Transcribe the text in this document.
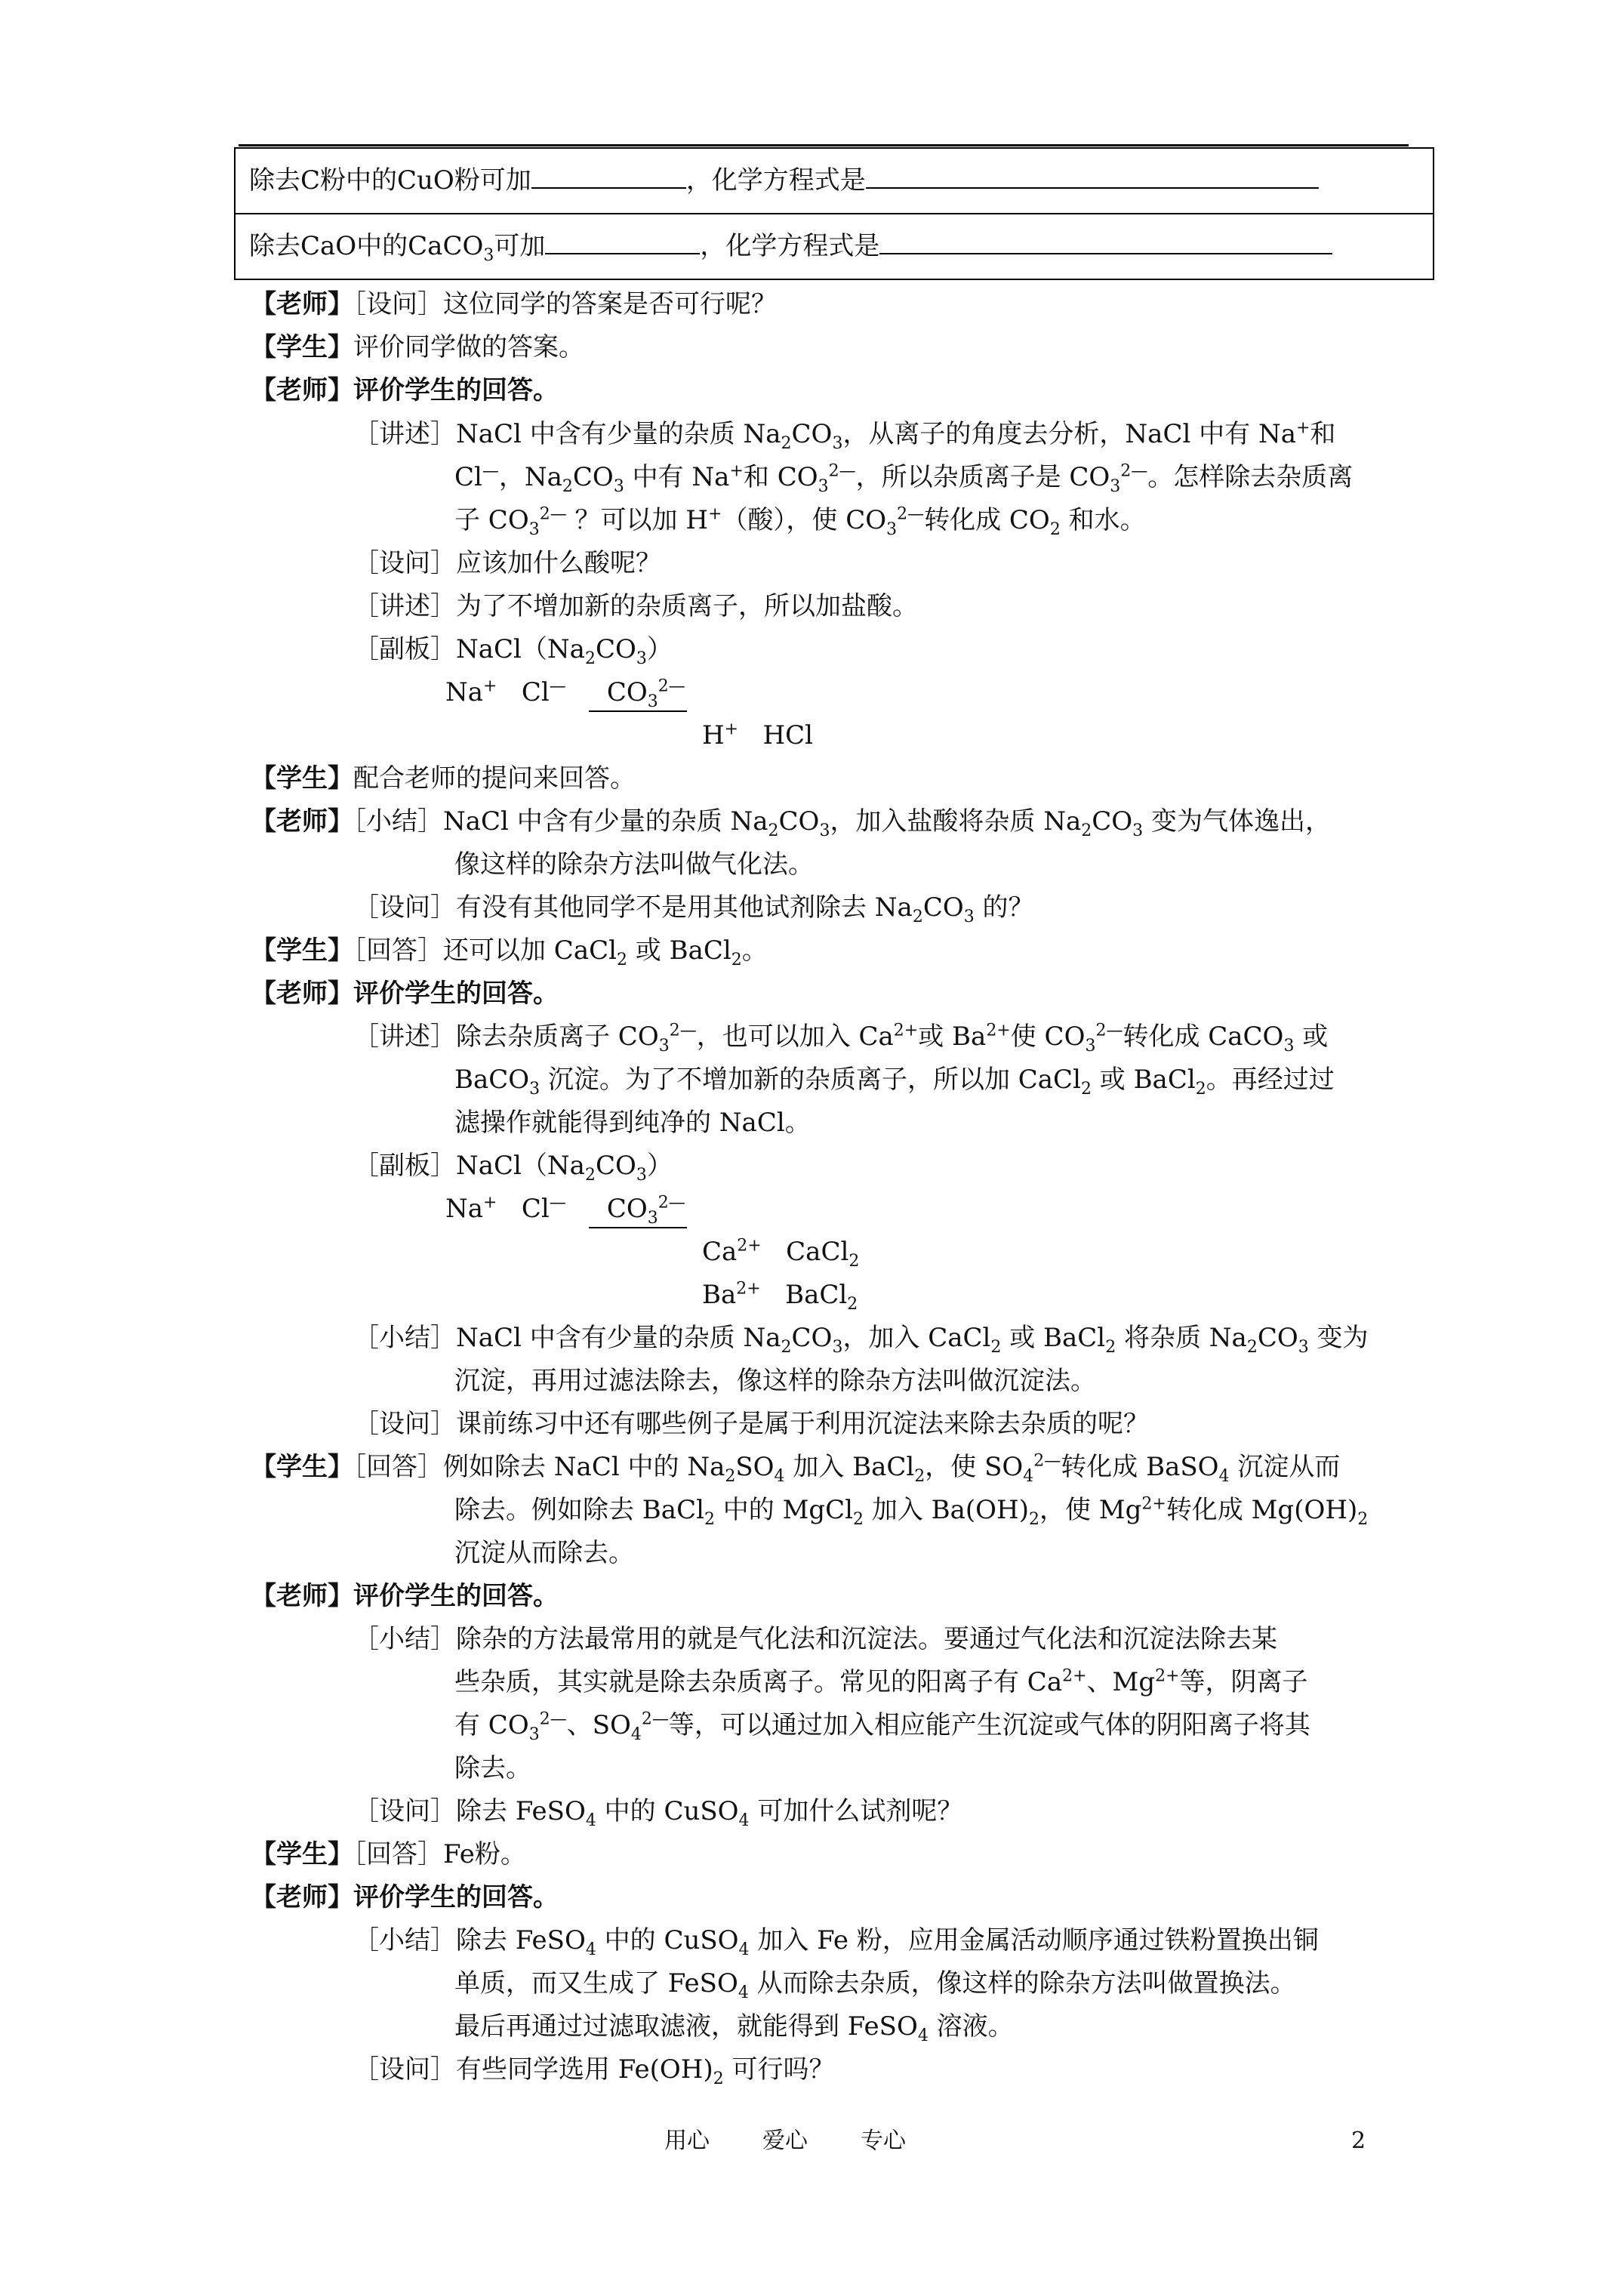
除去C粉中的CuO粉可加	，化学方程式是
除去CaO中的CaCO$_3$可加	，化学方程式是
【老师】［设问］这位同学的答案是否可行呢？
【学生】评价同学做的答案。
【老师】评价学生的回答。
［讲述］NaCl 中含有少量的杂质 $Na_2CO_3$，从离子的角度去分析，NaCl 中有 Na+和
Cl—，$Na_2CO_3$ 中有 Na+和 $CO_3^{2—}$，所以杂质离子是 $CO_3^{2—}$。怎样除去杂质离
子 $CO_3^{2—}$ ？可以加 H+（酸），使 $CO_3^{2—}$转化成 $CO_2$ 和水。
［设问］应该加什么酸呢？
［讲述］为了不增加新的杂质离子，所以加盐酸。
［副板$]NaCl(Na_2CO_3)$
Na+   Cl—     $CO_3^{2—}$
H+   HCl
【学生】配合老师的提问来回答。
【老师】［小结］NaCl 中含有少量的杂质 $Na_2CO_3$，加入盐酸将杂质 $Na_2CO_3$ 变为气体逸出，
像这样的除杂方法叫做气化法。
［设问］有没有其他同学不是用其他试剂除去 $Na_2CO_3$ 的？
【学生】［回答］还可以加 CaCl$_2$ 或 BaCl$_2$。
【老师】评价学生的回答。
［讲述］除去杂质离子 $CO_3^{2—}$，也可以加入 $Ca^{2+}$或 $Ba^{2+}$使 $CO_3^{2—}$转化成 CaCO$_3$ 或
BaCO$_3$ 沉淀。为了不增加新的杂质离子，所以加 CaCl$_2$ 或 BaCl$_2$。再经过过
滤操作就能得到纯净的 NaCl。
［副板$]NaCl(Na_2CO_3)$
Na+   Cl—     $CO_3^{2—}$
$Ca^{2+}$   CaCl$_2$
$Ba^{2+}$   BaCl$_2$
［小结］NaCl 中含有少量的杂质 $Na_2CO_3$，加入 CaCl$_2$ 或 BaCl$_2$ 将杂质 $Na_2CO_3$ 变为
沉淀，再用过滤法除去，像这样的除杂方法叫做沉淀法。
［设问］课前练习中还有哪些例子是属于利用沉淀法来除去杂质的呢？
【学生】［回答］例如除去 NaCl 中的 $Na_2SO_4$ 加入 BaCl$_2$，使 $SO_4^{2—}$转化成 BaSO$_4$ 沉淀从而
除去。例如除去 BaCl$_2$ 中的 MgCl$_2$ 加入 $Ba(OH)_2$，使 $Mg^{2+}$转化成 $Mg(OH)_2$
沉淀从而除去。
【老师】评价学生的回答。
［小结］除杂的方法最常用的就是气化法和沉淀法。要通过气化法和沉淀法除去某
些杂质，其实就是除去杂质离子。常见的阳离子有 $Ca^{2+}$、$Mg^{2+}$等，阴离子
有 $CO_3^{2—}$、$SO_4^{2—}$等，可以通过加入相应能产生沉淀或气体的阴阳离子将其
除去。
［设问］除去 FeSO$_4$ 中的 CuSO$_4$ 可加什么试剂呢？
【学生】［回答］Fe粉。
【老师】评价学生的回答。
［小结］除去 FeSO$_4$ 中的 CuSO$_4$ 加入 Fe 粉，应用金属活动顺序通过铁粉置换出铜
单质，而又生成了 FeSO$_4$ 从而除去杂质，像这样的除杂方法叫做置换法。
最后再通过过滤取滤液，就能得到 FeSO$_4$ 溶液。
［设问］有些同学选用 $Fe(OH)_2$ 可行吗？
用心 爱心 专心	2
